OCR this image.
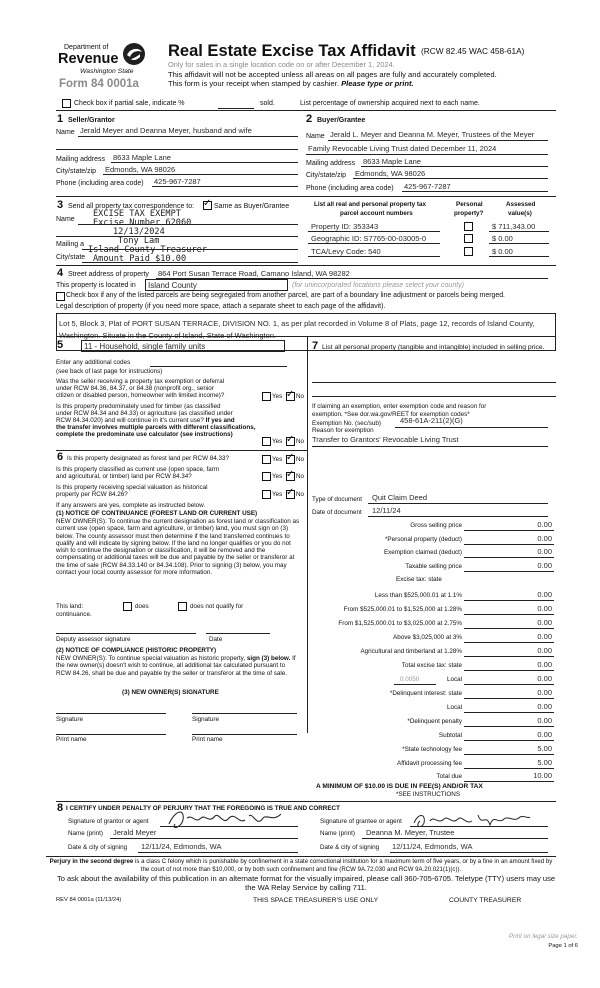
Department of
Revenue
Washington State
Form 84 0001a
Real Estate Excise Tax Affidavit (RCW 82.45 WAC 458-61A)
Only for sales in a single location code on or after December 1, 2024.
This affidavit will not be accepted unless all areas on all pages are fully and accurately completed.
This form is your receipt when stamped by cashier. Please type or print.
Check box if partial sale, indicate %	sold.	List percentage of ownership acquired next to each name.
1 Seller/Grantor
Name Jerald Meyer and Deanna Meyer, husband and wife
Mailing address 8633 Maple Lane
City/state/zip Edmonds, WA 98026
Phone (including area code) 425-967-7287
2 Buyer/Grantee
Name Jerald L. Meyer and Deanna M. Meyer, Trustees of the Meyer
Family Revocable Living Trust dated December 11, 2024
Mailing address 8633 Maple Lane
City/state/zip Edmonds, WA 98026
Phone (including area code) 425-967-7287
3 Send all property tax correspondence to: ✓	Same as Buyer/Grantee
Name
Mailing a
City/state
EXCISE TAX EXEMPT
Excise Number 62060
12/13/2024
Tony Lam
Island County Treasurer
Amount Paid $10.00
List all real and personal property tax
parcel account numbers
Personal
property?
Assessed
value(s)
Property ID: 353343	$ 711,343.00
Geographic ID: S7765-00-03005-0	$ 0.00
TCA/Levy Code: 540	$ 0.00
4 Street address of property 864 Port Susan Terrace Road, Camano Island, WA 98282
This property is located in Island County	(for unincorporated locations please select your county)
Check box if any of the listed parcels are being segregated from another parcel, are part of a boundary line adjustment or parcels being merged.
Legal description of property (if you need more space, attach a separate sheet to each page of the affidavit).
Lot 5, Block 3, Plat of PORT SUSAN TERRACE, DIVISION NO. 1, as per plat recorded in Volume 8 of Plats, page 12, records of Island County, Washington. Situate in the County of Island, State of Washington.
5	11 - Household, single family units
Enter any additional codes
(see back of last page for instructions)
Was the seller receiving a property tax exemption or deferral
under RCW 84.36, 84.37, or 84.38 (nonprofit org., senior
citizen or disabled person, homeowner with limited income)?	Yes ✓ No
Is this property predominately used for timber (as classified
under RCW 84.34 and 84.33) or agriculture (as classified under
RCW 84.34.020) and will continue in it's current use? If yes and
the transfer involves multiple parcels with different classifications,
complete the predominate use calculator (see instructions)
Yes ✓ No
6 Is this property designated as forest land per RCW 84.33?	Yes ✓ No
Is this property classified as current use (open space, farm
and agricultural, or timber) land per RCW 84.34?	Yes ✓ No
Is this property receiving special valuation as historical
property per RCW 84.26?	Yes ✓ No
If any answers are yes, complete as instructed below.
(1) NOTICE OF CONTINUANCE (FOREST LAND OR CURRENT USE)
NEW OWNER(S): To continue the current designation as forest land or classification as current use (open space, farm and agriculture, or timber) land, you must sign on (3) below. The county assessor must then determine if the land transferred continues to qualify and will indicate by signing below. If the land no longer qualifies or you do not wish to continue the designation or classification, it will be removed and the compensating or additional taxes will be due and payable by the seller or transferor at the time of sale (RCW 84.33.140 or 84.34.108). Prior to signing (3) below, you may contact your local county assessor for more information.
This land:	does	does not qualify for
continuance.
Deputy assessor signature	Date
(2) NOTICE OF COMPLIANCE (HISTORIC PROPERTY)
NEW OWNER(S): To continue special valuation as historic property, sign (3) below. If the new owner(s) doesn't wish to continue, all additional tax calculated pursuant to RCW 84.26, shall be due and payable by the seller or transferor at the time of sale.
(3) NEW OWNER(S) SIGNATURE
Signature	Signature
Print name	Print name
7 List all personal property (tangible and intangible) included in selling price.
If claiming an exemption, enter exemption code and reason for
exemption. *See dor.wa.gov/REET for exemption codes*
Exemption No. (sec/sub)	458-61A-211(2)(G)
Reason for exemption
Transfer to Grantors' Revocable Living Trust
Type of document Quit Claim Deed
Date of document 12/11/24
Gross selling price	0.00
*Personal property (deduct)	0.00
Exemption claimed (deduct)	0.00
Taxable selling price	0.00
Excise tax: state
Less than $525,000.01 at 1.1%	0.00
From $525,000.01 to $1,525,000 at 1.28%	0.00
From $1,525,000.01 to $3,025,000 at 2.75%	0.00
Above $3,025,000 at 3%	0.00
Agricultural and timberland at 1.28%	0.00
Total excise tax: state	0.00
0.0050	Local	0.00
*Delinquent interest: state	0.00
Local	0.00
*Delinquent penalty	0.00
Subtotal	0.00
*State technology fee	5.00
Affidavit processing fee	5.00
Total due	10.00
A MINIMUM OF $10.00 IS DUE IN FEE(S) AND/OR TAX
*SEE INSTRUCTIONS
8 I CERTIFY UNDER PENALTY OF PERJURY THAT THE FOREGOING IS TRUE AND CORRECT
Signature of grantor or agent
Name (print) Jerald Meyer
Date & city of signing 12/11/24, Edmonds, WA
Signature of grantee or agent
Name (print) Deanna M. Meyer, Trustee
Date & city of signing 12/11/24, Edmonds, WA
Perjury in the second degree is a class C felony which is punishable by confinement in a state correctional institution for a maximum term of five years, or by a fine in an amount fixed by the court of not more than $10,000, or by both such confinement and fine (RCW 9A.72.030 and RCW 9A.20.021(1)(c)).
To ask about the availability of this publication in an alternate format for the visually impaired, please call 360-705-6705. Teletype (TTY) users may use the WA Relay Service by calling 711.
REV 84 0001a (11/13/24)	THIS SPACE TREASURER'S USE ONLY	COUNTY TREASURER
Print on legal size paper.
Page 1 of 6
